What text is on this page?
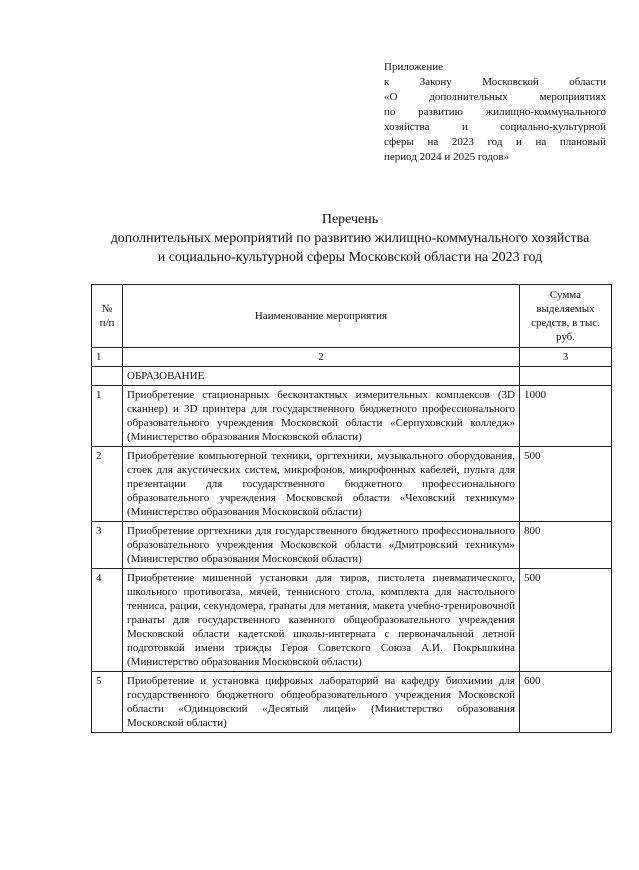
Приложение
к Закону Московской области
«О дополнительных мероприятиях
по развитию жилищно-коммунального
хозяйства и социально-культурной
сферы на 2023 год и на плановый
период 2024 и 2025 годов»
Перечень
дополнительных мероприятий по развитию жилищно-коммунального хозяйства
и социально-культурной сферы Московской области на 2023 год
№ п/п	Наименование мероприятия	Сумма выделяемых средств, в тыс. руб.
1	2	3
	ОБРАЗОВАНИЕ	
1	Приобретение стационарных бесконтактных измерительных комплексов (3D сканнер) и 3D принтера для государственного бюджетного профессионального образовательного учреждения Московской области «Серпуховский колледж» (Министерство образования Московской области)	1000
2	Приобретение компьютерной техники, оргтехники, музыкального оборудования, стоек для акустических систем, микрофонов, микрофонных кабелей, пульта для презентации для государственного бюджетного профессионального образовательного учреждения Московской области «Чеховский техникум» (Министерство образования Московской области)	500
3	Приобретение оргтехники для государственного бюджетного профессионального образовательного учреждения Московской области «Дмитровский техникум» (Министерство образования Московской области)	800
4	Приобретение мишенной установки для тиров, пистолета пневматического, школьного противогаза, мячей, теннисного стола, комплекта для настольного тенниса, рации, секундомера, гранаты для метания, макета учебно-тренировочной гранаты для государственного казенного общеобразовательного учреждения Московской области кадетской школы-интерната с первоначальной летной подготовкой имени трижды Героя Советского Союза А.И. Покрышкина (Министерство образования Московской области)	500
5	Приобретение и установка цифровых лабораторий на кафедру биохимии для государственного бюджетного общеобразовательного учреждения Московской области «Одинцовский «Десятый лицей» (Министерство образования Московской области)	600
